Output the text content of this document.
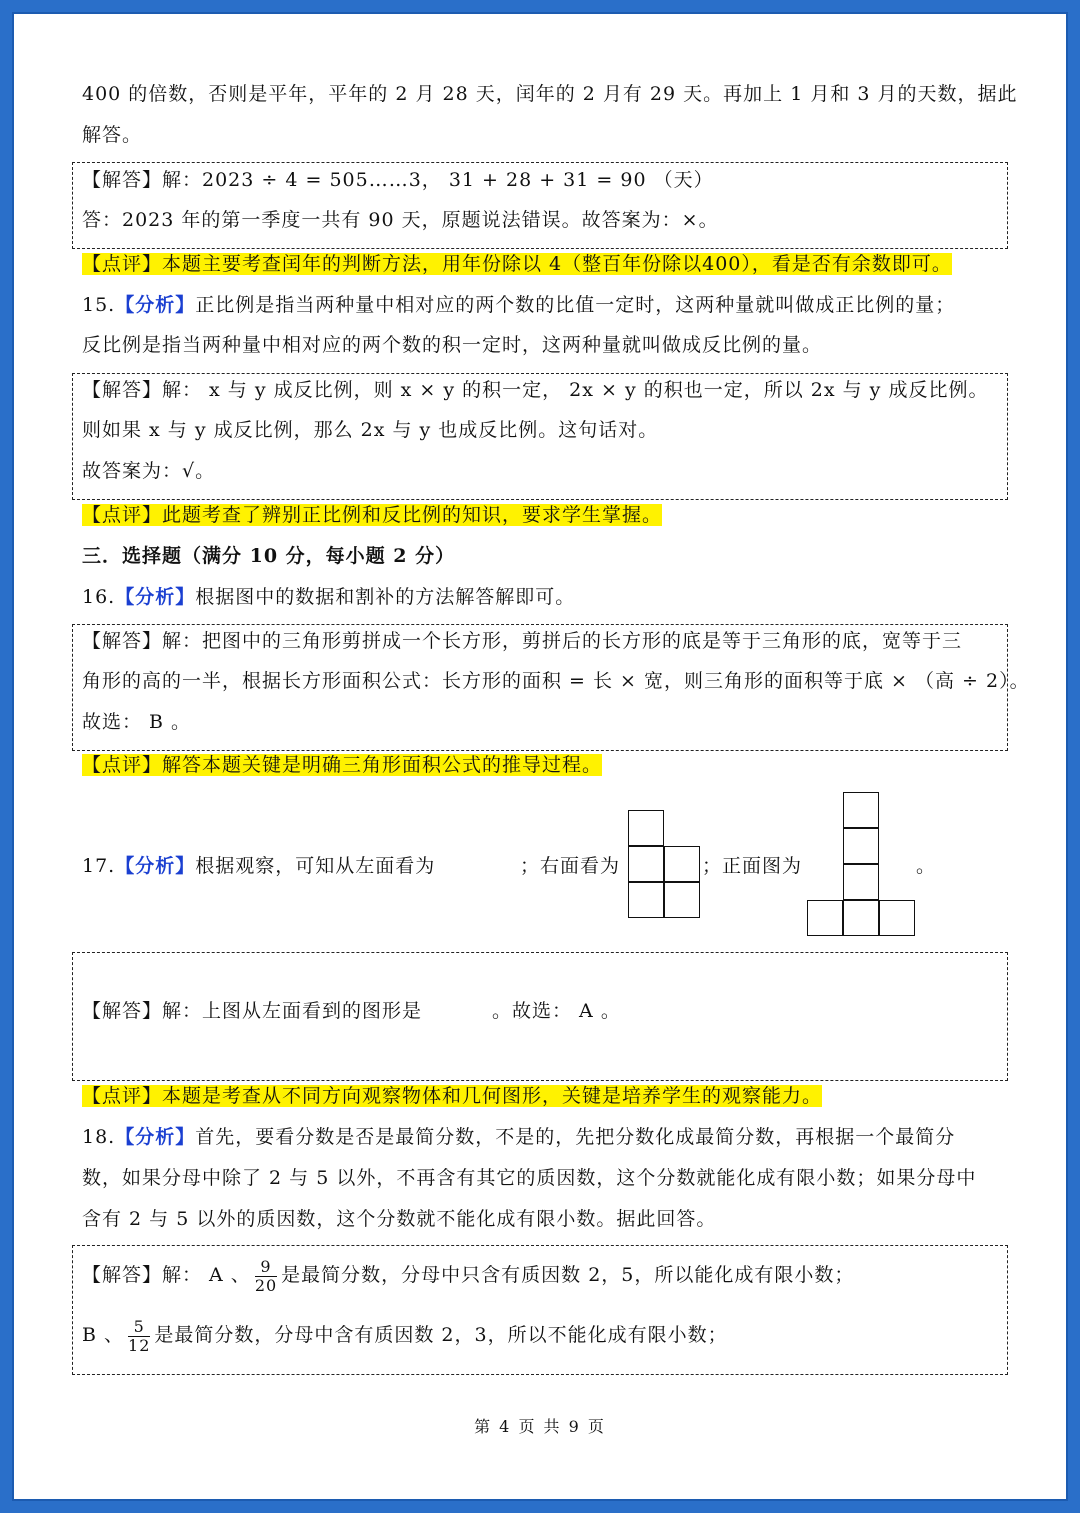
400 的倍数，否则是平年，平年的 2 月 28 天，闰年的 2 月有 29 天。再加上 1 月和 3 月的天数，据此
解答。
【解答】解：2023 ÷ 4 = 505……3， 31 + 28 + 31 = 90 （天）
答：2023 年的第一季度一共有 90 天，原题说法错误。故答案为：×。
【点评】本题主要考查闰年的判断方法，用年份除以 4（整百年份除以400），看是否有余数即可。
15.【分析】正比例是指当两种量中相对应的两个数的比值一定时，这两种量就叫做成正比例的量；
反比例是指当两种量中相对应的两个数的积一定时，这两种量就叫做成反比例的量。
【解答】解： x 与 y 成反比例，则 x × y 的积一定， 2x × y 的积也一定，所以 2x 与 y 成反比例。
则如果 x 与 y 成反比例，那么 2x 与 y 也成反比例。这句话对。
故答案为：√。
【点评】此题考查了辨别正比例和反比例的知识，要求学生掌握。
三．选择题（满分 10 分，每小题 2 分）
16.【分析】根据图中的数据和割补的方法解答解即可。
【解答】解：把图中的三角形剪拼成一个长方形，剪拼后的长方形的底是等于三角形的底，宽等于三
角形的高的一半，根据长方形面积公式：长方形的面积 = 长 × 宽，则三角形的面积等于底 × （高 ÷ 2）。
故选： B 。
【点评】解答本题关键是明确三角形面积公式的推导过程。
17.【分析】根据观察，可知从左面看为	；右面看为	；正面图为	。
【解答】解：上图从左面看到的图形是	。故选： A 。
【点评】本题是考查从不同方向观察物体和几何图形，关键是培养学生的观察能力。
18.【分析】首先，要看分数是否是最简分数，不是的，先把分数化成最简分数，再根据一个最简分
数，如果分母中除了 2 与 5 以外，不再含有其它的质因数，这个分数就能化成有限小数；如果分母中
含有 2 与 5 以外的质因数，这个分数就不能化成有限小数。据此回答。
【解答】解： A 、 $\frac{9}{20}$ 是最简分数，分母中只含有质因数 2，5，所以能化成有限小数；
B 、 $\frac{5}{12}$ 是最简分数，分母中含有质因数 2，3，所以不能化成有限小数；
第 4 页 共 9 页
